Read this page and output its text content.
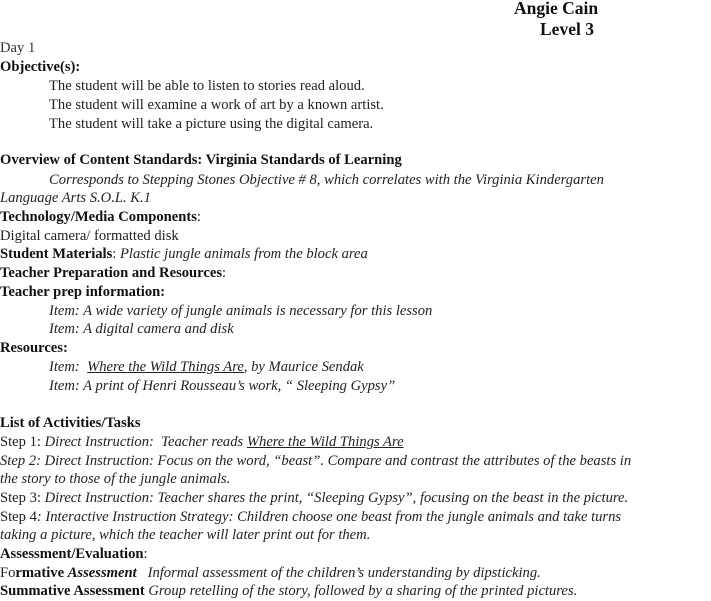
Angie Cain
Level 3
Day 1
Objective(s):
The student will be able to listen to stories read aloud.
The student will examine a work of art by a known artist.
The student will take a picture using the digital camera.
Overview of Content Standards: Virginia Standards of Learning
Corresponds to Stepping Stones Objective # 8, which correlates with the Virginia Kindergarten
Language Arts S.O.L. K.1
Technology/Media Components:
Digital camera/ formatted disk
Student Materials: Plastic jungle animals from the block area
Teacher Preparation and Resources:
Teacher prep information:
Item: A wide variety of jungle animals is necessary for this lesson
Item: A digital camera and disk
Resources:
Item:  Where the Wild Things Are, by Maurice Sendak
Item: A print of Henri Rousseau’s work, “ Sleeping Gypsy”
List of Activities/Tasks
Step 1: Direct Instruction:  Teacher reads Where the Wild Things Are
Step 2: Direct Instruction: Focus on the word, “beast”. Compare and contrast the attributes of the beasts in
the story to those of the jungle animals.
Step 3: Direct Instruction: Teacher shares the print, “Sleeping Gypsy”, focusing on the beast in the picture.
Step 4: Interactive Instruction Strategy: Children choose one beast from the jungle animals and take turns
taking a picture, which the teacher will later print out for them.
Assessment/Evaluation:
Formative Assessment   Informal assessment of the children’s understanding by dipsticking.
Summative Assessment Group retelling of the story, followed by a sharing of the printed pictures.
